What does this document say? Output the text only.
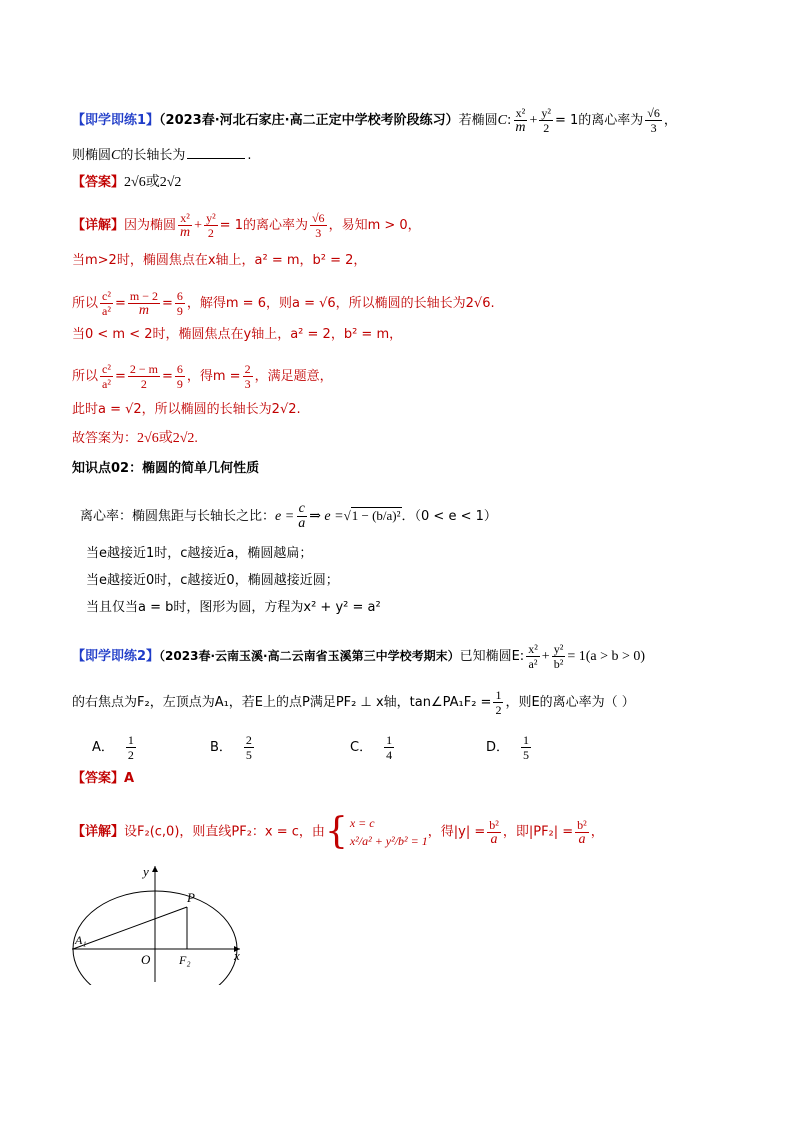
【即学即练1】（2023春·河北石家庄·高二正定中学校考阶段练习）若椭圆C: $\frac{\text{x²}}{m} + \frac{\text{y²}}{2} = 1$的离心率为 $\frac{√6}{3}$ ，
则椭圆C的长轴长为	.
【答案】2√6或2√2
【详解】因为椭圆 $\frac{\text{x²}}{m} + \frac{\text{y²}}{2} = 1$的离心率为 $\frac{√6}{3}$ ，易知m > 0，
当m>2时，椭圆焦点在x轴上，a² = m，b² = 2，
所以 $\frac{\text{c²}}{\text{a²}} = \frac{m - 2}{m} = \frac{6}{9}$ ，解得m = 6，则a = √6，所以椭圆的长轴长为2√6.
当0 < m < 2时，椭圆焦点在y轴上，a² = 2，b² = m，
所以 $\frac{\text{c²}}{\text{a²}} = \frac{2 - m}{2} = \frac{6}{9}$ ，得$m = \frac{2}{3}$ ，满足题意，
此时a = √2，所以椭圆的长轴长为2√2.
故答案为：2√6或2√2.
知识点02：椭圆的简单几何性质
离心率：椭圆焦距与长轴长之比：$e = \frac{c}{a}$ ⇒ e =√1 − (b/a)²．（0 < e < 1）
当e越接近1时，c越接近a，椭圆越扁；
当e越接近0时，c越接近0，椭圆越接近圆；
当且仅当a = b时，图形为圆，方程为x² + y² = a²
【即学即练2】（2023春·云南玉溪·高二云南省玉溪第三中学校考期末）已知椭圆E: $\frac{\text{x²}}{\text{a²}} + \frac{\text{y²}}{\text{b²}} = 1(a > b > 0)$
的右焦点为F₂，左顶点为A₁，若E上的点P满足PF₂ ⊥ x轴，tan∠PA₁F₂ = $\frac{1}{2}$ ，则E的离心率为（ ）
A． $\frac{1}{2}$	B． $\frac{2}{5}$	C． $\frac{1}{4}$	D． $\frac{1}{5}$
【答案】A
【详解】设F₂(c,0)，则直线PF₂：x = c，由 { x = c
x²/a² + y²/b² = 1
，得$|y| = \frac{\text{b²}}{a}$ ，即$|PF_2| = \frac{\text{b²}}{a}$ ，
y
x
P
O
A₁
F₂
